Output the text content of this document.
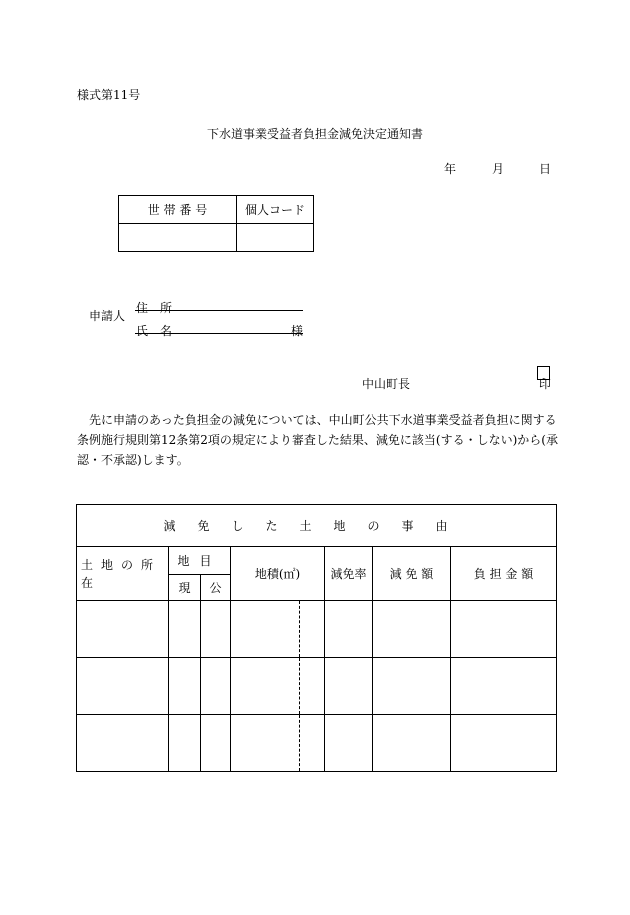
様式第11号
下水道事業受益者負担金減免決定通知書
年	月	日
世 帯 番 号	個人コード

申請人
住所
氏名	様
中山町長	印

先に申請のあった負担金の減免については、中山町公共下水道事業受益者負担に関する

条例施行規則第12条第2項の規定により審査した結果、減免に該当(する・しない)から(承

認・不承認)します。

減免した土地の事由						
土地の所在	地目		地積(㎡)	減免率	減 免 額	負 担 金 額
	現	公				
